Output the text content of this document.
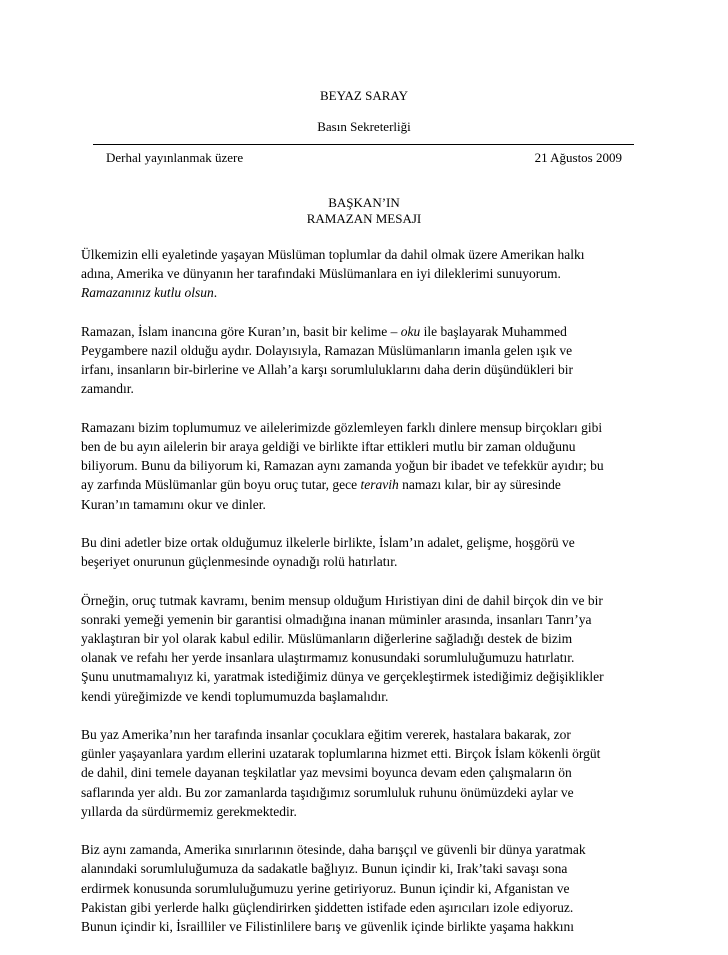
BEYAZ SARAY
Basın Sekreterliği
Derhal yayınlanmak üzere	21 Ağustos 2009
BAŞKAN’IN
RAMAZAN MESAJI

Ülkemizin elli eyaletinde yaşayan Müslüman toplumlar da dahil olmak üzere Amerikan halkı
adına, Amerika ve dünyanın her tarafındaki Müslümanlara en iyi dileklerimi sunuyorum.
Ramazanınız kutlu olsun.

Ramazan, İslam inancına göre Kuran’ın, basit bir kelime – oku ile başlayarak Muhammed
Peygambere nazil olduğu aydır. Dolayısıyla, Ramazan Müslümanların imanla gelen ışık ve
irfanı, insanların bir-birlerine ve Allah’a karşı sorumluluklarını daha derin düşündükleri bir
zamandır.

Ramazanı bizim toplumumuz ve ailelerimizde gözlemleyen farklı dinlere mensup birçokları gibi
ben de bu ayın ailelerin bir araya geldiği ve birlikte iftar ettikleri mutlu bir zaman olduğunu
biliyorum. Bunu da biliyorum ki, Ramazan aynı zamanda yoğun bir ibadet ve tefekkür ayıdır; bu
ay zarfında Müslümanlar gün boyu oruç tutar, gece teravih namazı kılar, bir ay süresinde
Kuran’ın tamamını okur ve dinler.

Bu dini adetler bize ortak olduğumuz ilkelerle birlikte, İslam’ın adalet, gelişme, hoşgörü ve
beşeriyet onurunun güçlenmesinde oynadığı rolü hatırlatır.

Örneğin, oruç tutmak kavramı, benim mensup olduğum Hıristiyan dini de dahil birçok din ve bir
sonraki yemeği yemenin bir garantisi olmadığına inanan müminler arasında, insanları Tanrı’ya
yaklaştıran bir yol olarak kabul edilir. Müslümanların diğerlerine sağladığı destek de bizim
olanak ve refahı her yerde insanlara ulaştırmamız konusundaki sorumluluğumuzu hatırlatır.
Şunu unutmamalıyız ki, yaratmak istediğimiz dünya ve gerçekleştirmek istediğimiz değişiklikler
kendi yüreğimizde ve kendi toplumumuzda başlamalıdır.

Bu yaz Amerika’nın her tarafında insanlar çocuklara eğitim vererek, hastalara bakarak, zor
günler yaşayanlara yardım ellerini uzatarak toplumlarına hizmet etti. Birçok İslam kökenli örgüt
de dahil, dini temele dayanan teşkilatlar yaz mevsimi boyunca devam eden çalışmaların ön
saflarında yer aldı. Bu zor zamanlarda taşıdığımız sorumluluk ruhunu önümüzdeki aylar ve
yıllarda da sürdürmemiz gerekmektedir.

Biz aynı zamanda, Amerika sınırlarının ötesinde, daha barışçıl ve güvenli bir dünya yaratmak
alanındaki sorumluluğumuza da sadakatle bağlıyız. Bunun içindir ki, Irak’taki savaşı sona
erdirmek konusunda sorumluluğumuzu yerine getiriyoruz. Bunun içindir ki, Afganistan ve
Pakistan gibi yerlerde halkı güçlendirirken şiddetten istifade eden aşırıcıları izole ediyoruz.
Bunun içindir ki, İsrailliler ve Filistinlilere barış ve güvenlik içinde birlikte yaşama hakkını
